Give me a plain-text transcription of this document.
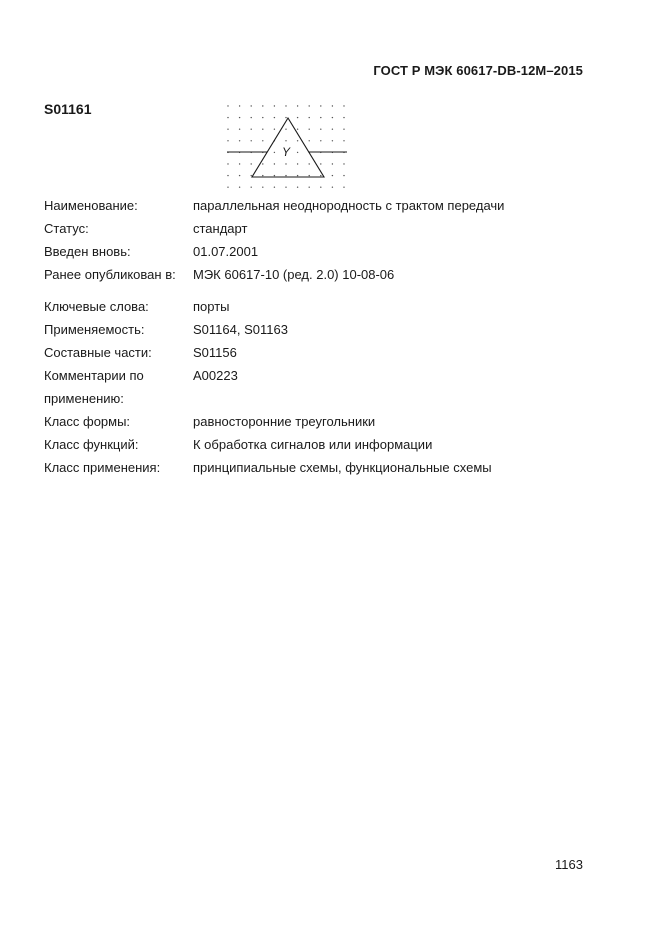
ГОСТ Р МЭК 60617-DB-12М–2015
S01161
Y
Наименование:	параллельная неоднородность с трактом передачи
Статус:	стандарт
Введен вновь:	01.07.2001
Ранее опубликован в:	МЭК 60617-10 (ред. 2.0) 10-08-06
Ключевые слова:	порты
Применяемость:	S01164, S01163
Составные части:	S01156
Комментарии по	A00223
применению:
Класс формы:	равносторонние треугольники
Класс функций:	К обработка сигналов или информации
Класс применения:	принципиальные схемы, функциональные схемы
1163
